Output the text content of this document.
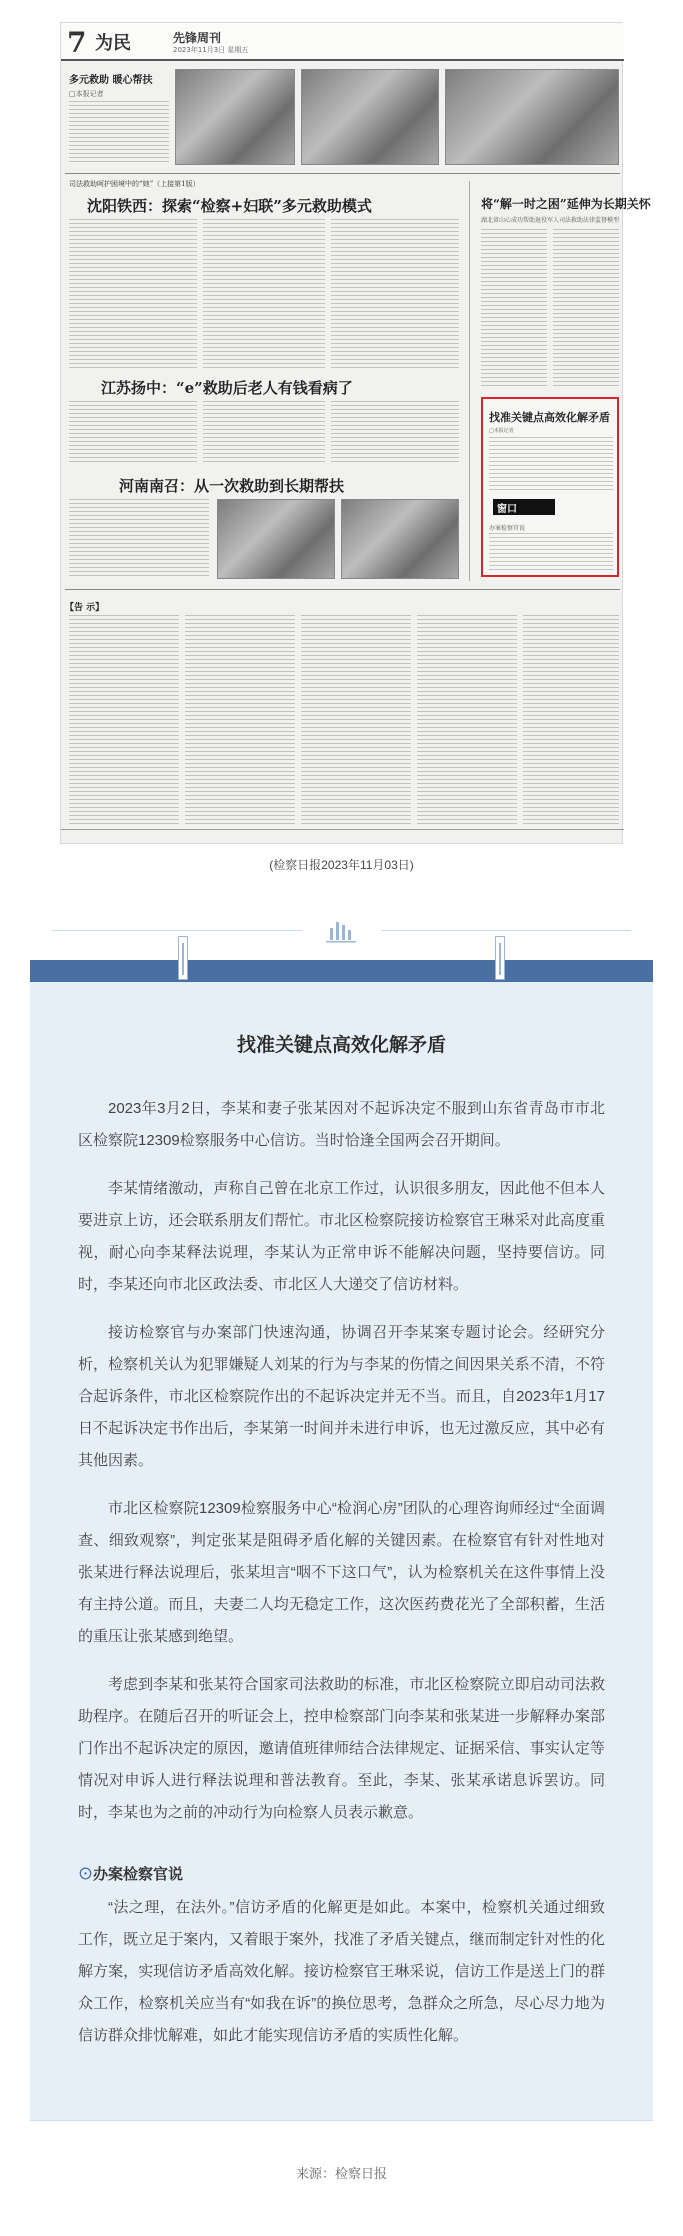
7 为民	先锋周刊
2023年11月3日 星期五
多元救助 暖心帮扶
□本报记者
司法救助呵护困境中的“她”（上接第1版）
沈阳铁西：探索“检察+妇联”多元救助模式	将“解一时之困”延伸为长期关怀
湖北省山心成功帮助退役军人司法救助法律监督模型
江苏扬中：“e”救助后老人有钱看病了
河南南召：从一次救助到长期帮扶
找准关键点高效化解矛盾
□本报记者
窗口
办案检察官说
【告 示】
(检察日报2023年11月03日)
找准关键点高效化解矛盾

2023年3月2日，李某和妻子张某因对不起诉决定不服到山东省青岛市市北区检察院12309检察服务中心信访。当时恰逢全国两会召开期间。

李某情绪激动，声称自己曾在北京工作过，认识很多朋友，因此他不但本人要进京上访，还会联系朋友们帮忙。市北区检察院接访检察官王琳采对此高度重视，耐心向李某释法说理，李某认为正常申诉不能解决问题，坚持要信访。同时，李某还向市北区政法委、市北区人大递交了信访材料。

接访检察官与办案部门快速沟通，协调召开李某案专题讨论会。经研究分析，检察机关认为犯罪嫌疑人刘某的行为与李某的伤情之间因果关系不清，不符合起诉条件，市北区检察院作出的不起诉决定并无不当。而且，自2023年1月17日不起诉决定书作出后，李某第一时间并未进行申诉，也无过激反应，其中必有其他因素。

市北区检察院12309检察服务中心“检润心房”团队的心理咨询师经过“全面调查、细致观察”，判定张某是阻碍矛盾化解的关键因素。在检察官有针对性地对张某进行释法说理后，张某坦言“咽不下这口气”，认为检察机关在这件事情上没有主持公道。而且，夫妻二人均无稳定工作，这次医药费花光了全部积蓄，生活的重压让张某感到绝望。

考虑到李某和张某符合国家司法救助的标准，市北区检察院立即启动司法救助程序。在随后召开的听证会上，控申检察部门向李某和张某进一步解释办案部门作出不起诉决定的原因，邀请值班律师结合法律规定、证据采信、事实认定等情况对申诉人进行释法说理和普法教育。至此，李某、张某承诺息诉罢访。同时，李某也为之前的冲动行为向检察人员表示歉意。

⊙办案检察官说

“法之理，在法外。”信访矛盾的化解更是如此。本案中，检察机关通过细致工作，既立足于案内，又着眼于案外，找准了矛盾关键点，继而制定针对性的化解方案，实现信访矛盾高效化解。接访检察官王琳采说，信访工作是送上门的群众工作，检察机关应当有“如我在诉”的换位思考，急群众之所急，尽心尽力地为信访群众排忧解难，如此才能实现信访矛盾的实质性化解。

来源：检察日报
